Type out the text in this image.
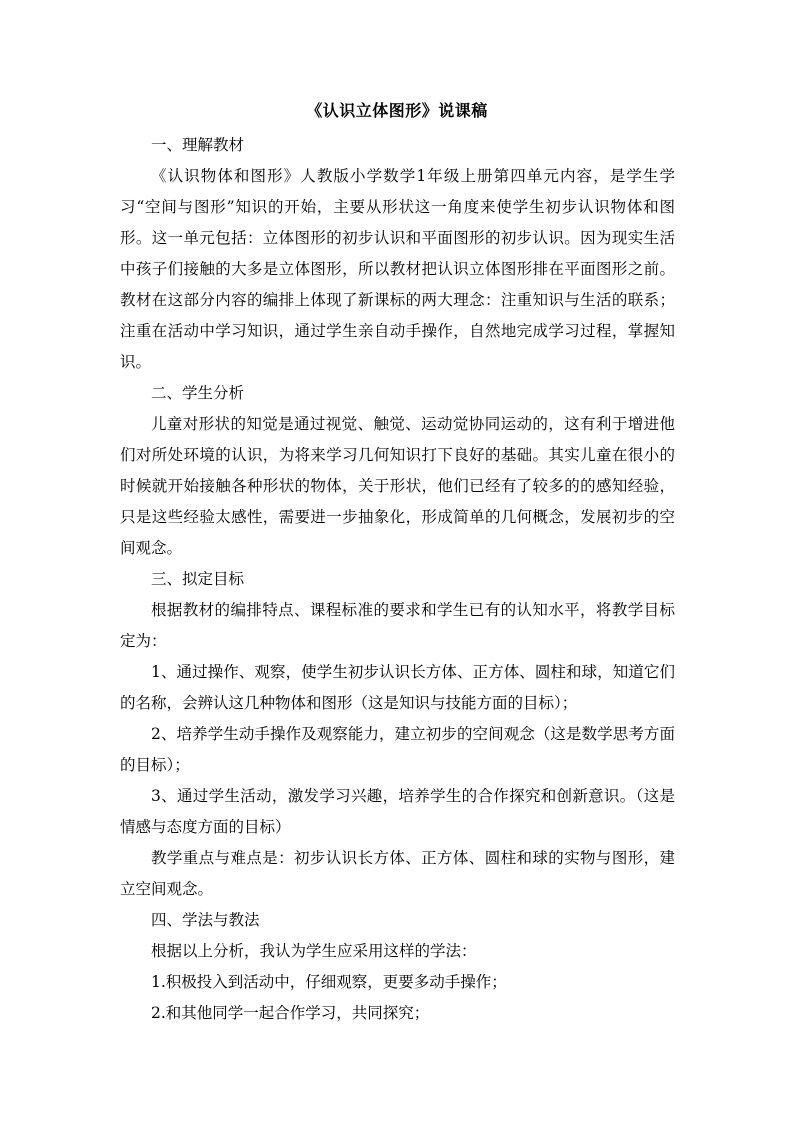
《认识立体图形》说课稿

一、理解教材

《认识物体和图形》人教版小学数学1年级上册第四单元内容，是学生学习“空间与图形”知识的开始，主要从形状这一角度来使学生初步认识物体和图形。这一单元包括：立体图形的初步认识和平面图形的初步认识。因为现实生活中孩子们接触的大多是立体图形，所以教材把认识立体图形排在平面图形之前。教材在这部分内容的编排上体现了新课标的两大理念：注重知识与生活的联系；注重在活动中学习知识，通过学生亲自动手操作，自然地完成学习过程，掌握知识。

二、学生分析

儿童对形状的知觉是通过视觉、触觉、运动觉协同运动的，这有利于增进他们对所处环境的认识，为将来学习几何知识打下良好的基础。其实儿童在很小的时候就开始接触各种形状的物体，关于形状，他们已经有了较多的的感知经验，只是这些经验太感性，需要进一步抽象化，形成简单的几何概念，发展初步的空间观念。

三、拟定目标

根据教材的编排特点、课程标准的要求和学生已有的认知水平，将教学目标定为：

1、通过操作、观察，使学生初步认识长方体、正方体、圆柱和球，知道它们的名称，会辨认这几种物体和图形（这是知识与技能方面的目标）；

2、培养学生动手操作及观察能力，建立初步的空间观念（这是数学思考方面的目标）；

3、通过学生活动，激发学习兴趣，培养学生的合作探究和创新意识。（这是情感与态度方面的目标）

教学重点与难点是：初步认识长方体、正方体、圆柱和球的实物与图形，建立空间观念。

四、学法与教法

根据以上分析，我认为学生应采用这样的学法：

1.积极投入到活动中，仔细观察，更要多动手操作；

2.和其他同学一起合作学习，共同探究；
